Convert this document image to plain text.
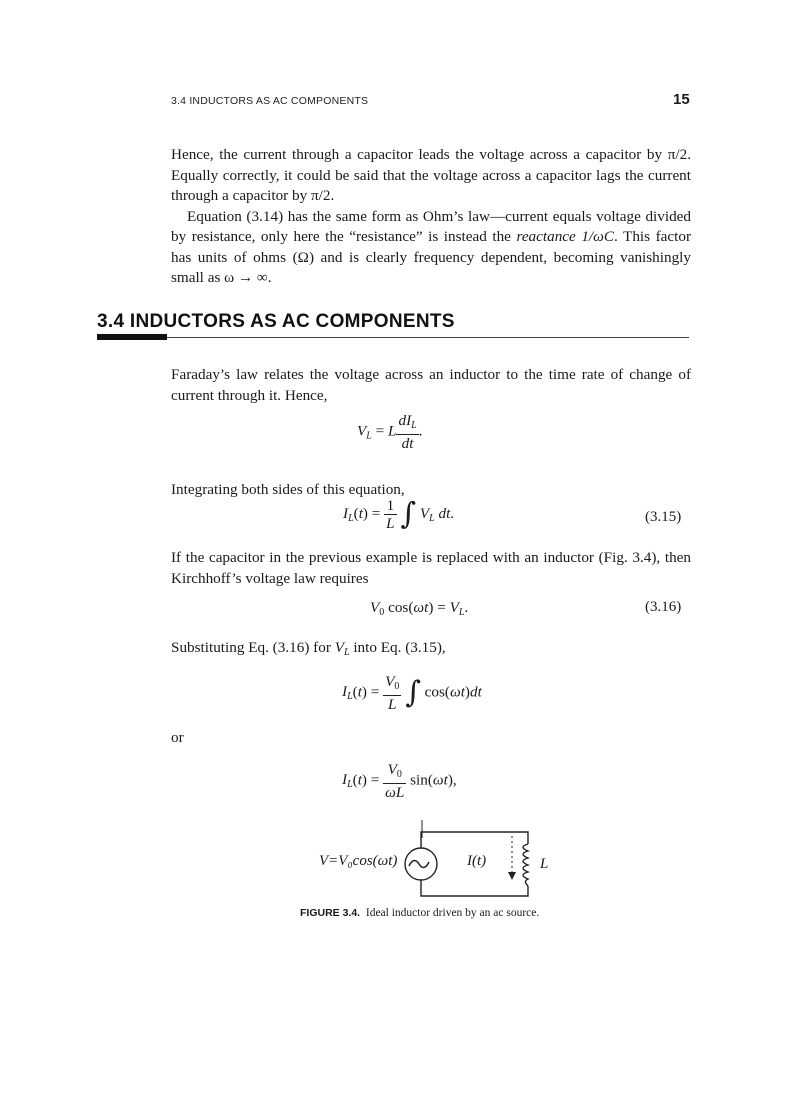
3.4 INDUCTORS AS AC COMPONENTS	15

Hence, the current through a capacitor leads the voltage across a capacitor by π/2. Equally correctly, it could be said that the voltage across a capacitor lags the current through a capacitor by π/2.

Equation (3.14) has the same form as Ohm’s law—current equals voltage divided by resistance, only here the “resistance” is instead the reactance 1/ωC. This factor has units of ohms (Ω) and is clearly frequency dependent, becoming vanishingly small as ω → ∞.

3.4 INDUCTORS AS AC COMPONENTS
Faraday’s law relates the voltage across an inductor to the time rate of change of current through it. Hence,
$V_L = L \frac{dI_L}{dt}$ .
Integrating both sides of this equation,
$I_L(t) = \frac{1}{L}$ ∫ $V_L$ dt.	(3.15)
If the capacitor in the previous example is replaced with an inductor (Fig. 3.4), then Kirchhoff’s voltage law requires
$V_0$ $\cos(\omega t) = V_L$.	(3.16)
Substituting Eq. (3.16) for $V_L$ into Eq. (3.15),
$I_L(t) = \frac{V_0}{L}$ ∫ cos(ωt)dt
or
$I_L(t) = \frac{V_0}{\omega L} \sin(\omega t)$,
V=V₀cos(ωt)	I(t)	L
FIGURE 3.4. Ideal inductor driven by an ac source.
